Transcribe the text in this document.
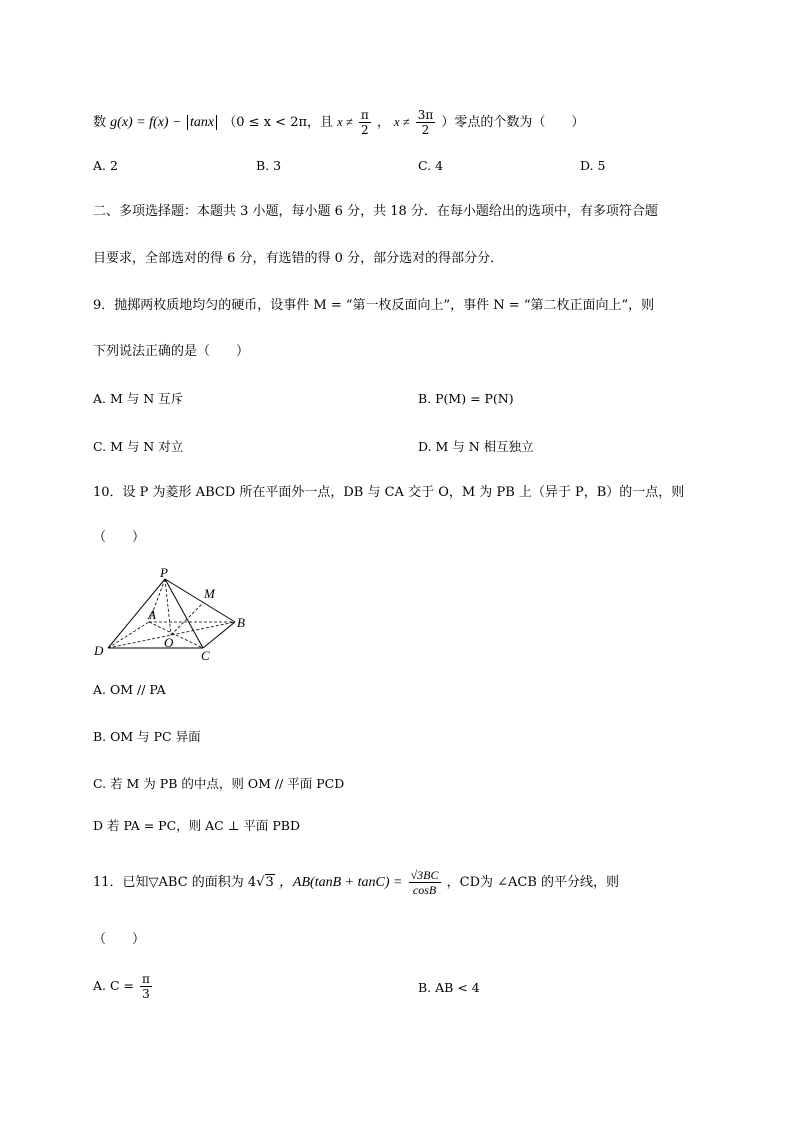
数 g(x) = f(x) − tanx （0 ≤ x < 2π，且 $x \ne \frac{\pi}{2}$ ， $x \ne \frac{3\pi}{2}$ ）零点的个数为（　　）
A. 2	B. 3	C. 4	D. 5
二、多项选择题：本题共 3 小题，每小题 6 分，共 18 分．在每小题给出的选项中，有多项符合题
目要求，全部选对的得 6 分，有选错的得 0 分，部分选对的得部分分．
9．抛掷两枚质地均匀的硬币，设事件 M = “第一枚反面向上”，事件 N = “第二枚正面向上”，则
下列说法正确的是（　　）
A. M 与 N 互斥	B. P(M) = P(N)
C. M 与 N 对立	D. M 与 N 相互独立
10．设 P 为菱形 ABCD 所在平面外一点，DB 与 CA 交于 O，M 为 PB 上（异于 P，B）的一点，则
（　　）
P
M
A
B
O
D	C
A. OM // PA
B. OM 与 PC 异面
C. 若 M 为 PB 的中点，则 OM // 平面 PCD
D 若 PA = PC，则 AC ⊥ 平面 PBD
11．已知▽ABC 的面积为 4√3 ，$AB(\tan B + \tan C) = \frac{√3BC}{\cos B}$ ，CD为 ∠ACB 的平分线，则
（　　）
A. $C = \frac{\pi}{3}$	B. AB < 4
